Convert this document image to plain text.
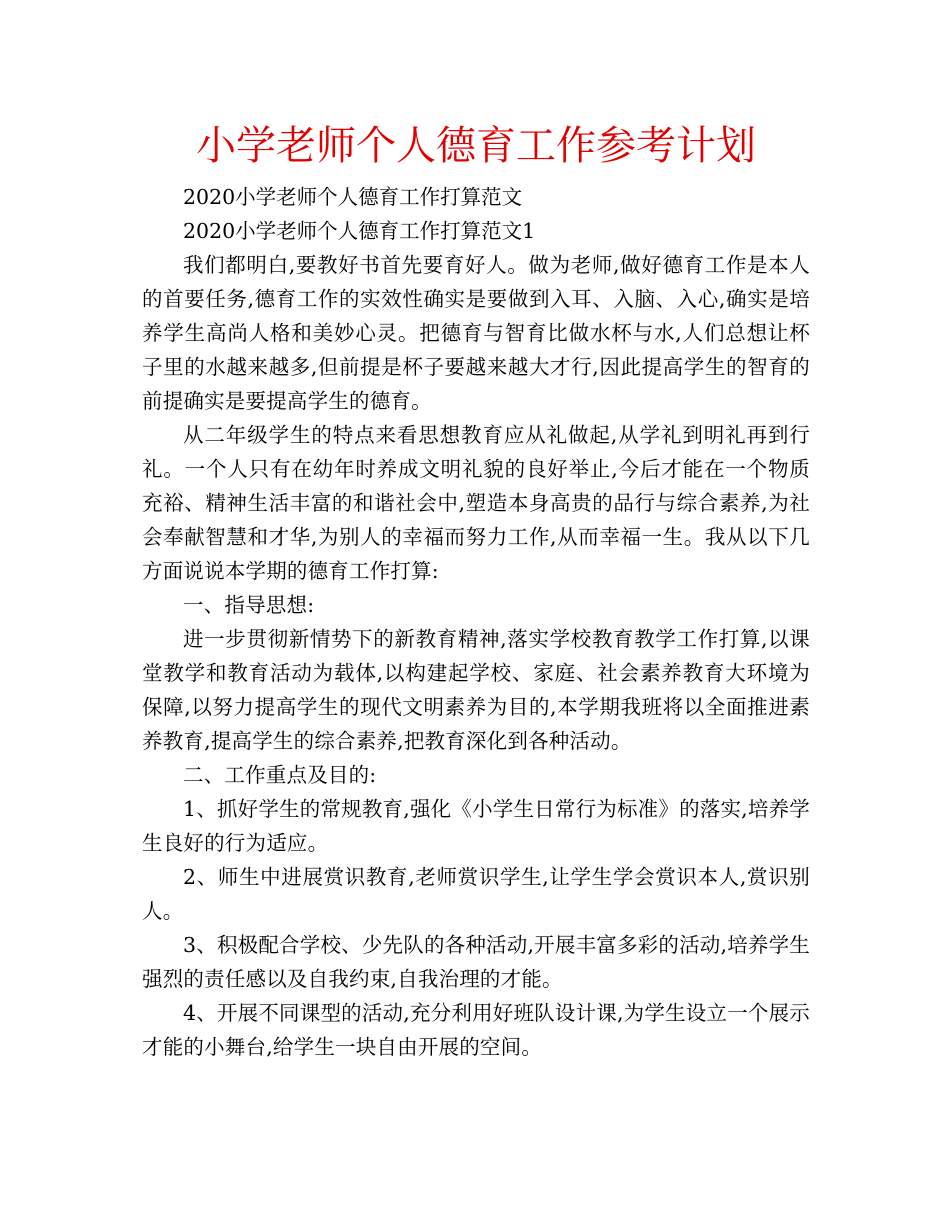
小学老师个人德育工作参考计划

2020小学老师个人德育工作打算范文

2020小学老师个人德育工作打算范文1

我们都明白,要教好书首先要育好人。做为老师,做好德育工作是本人的首要任务,德育工作的实效性确实是要做到入耳、入脑、入心,确实是培养学生高尚人格和美妙心灵。把德育与智育比做水杯与水,人们总想让杯子里的水越来越多,但前提是杯子要越来越大才行,因此提高学生的智育的前提确实是要提高学生的德育。

从二年级学生的特点来看思想教育应从礼做起,从学礼到明礼再到行礼。一个人只有在幼年时养成文明礼貌的良好举止,今后才能在一个物质充裕、精神生活丰富的和谐社会中,塑造本身高贵的品行与综合素养,为社会奉献智慧和才华,为别人的幸福而努力工作,从而幸福一生。我从以下几方面说说本学期的德育工作打算:

一、指导思想:

进一步贯彻新情势下的新教育精神,落实学校教育教学工作打算,以课堂教学和教育活动为载体,以构建起学校、家庭、社会素养教育大环境为保障,以努力提高学生的现代文明素养为目的,本学期我班将以全面推进素养教育,提高学生的综合素养,把教育深化到各种活动。

二、工作重点及目的:

1、抓好学生的常规教育,强化《小学生日常行为标准》的落实,培养学生良好的行为适应。

2、师生中进展赏识教育,老师赏识学生,让学生学会赏识本人,赏识别人。

3、积极配合学校、少先队的各种活动,开展丰富多彩的活动,培养学生强烈的责任感以及自我约束,自我治理的才能。

4、开展不同课型的活动,充分利用好班队设计课,为学生设立一个展示才能的小舞台,给学生一块自由开展的空间。
